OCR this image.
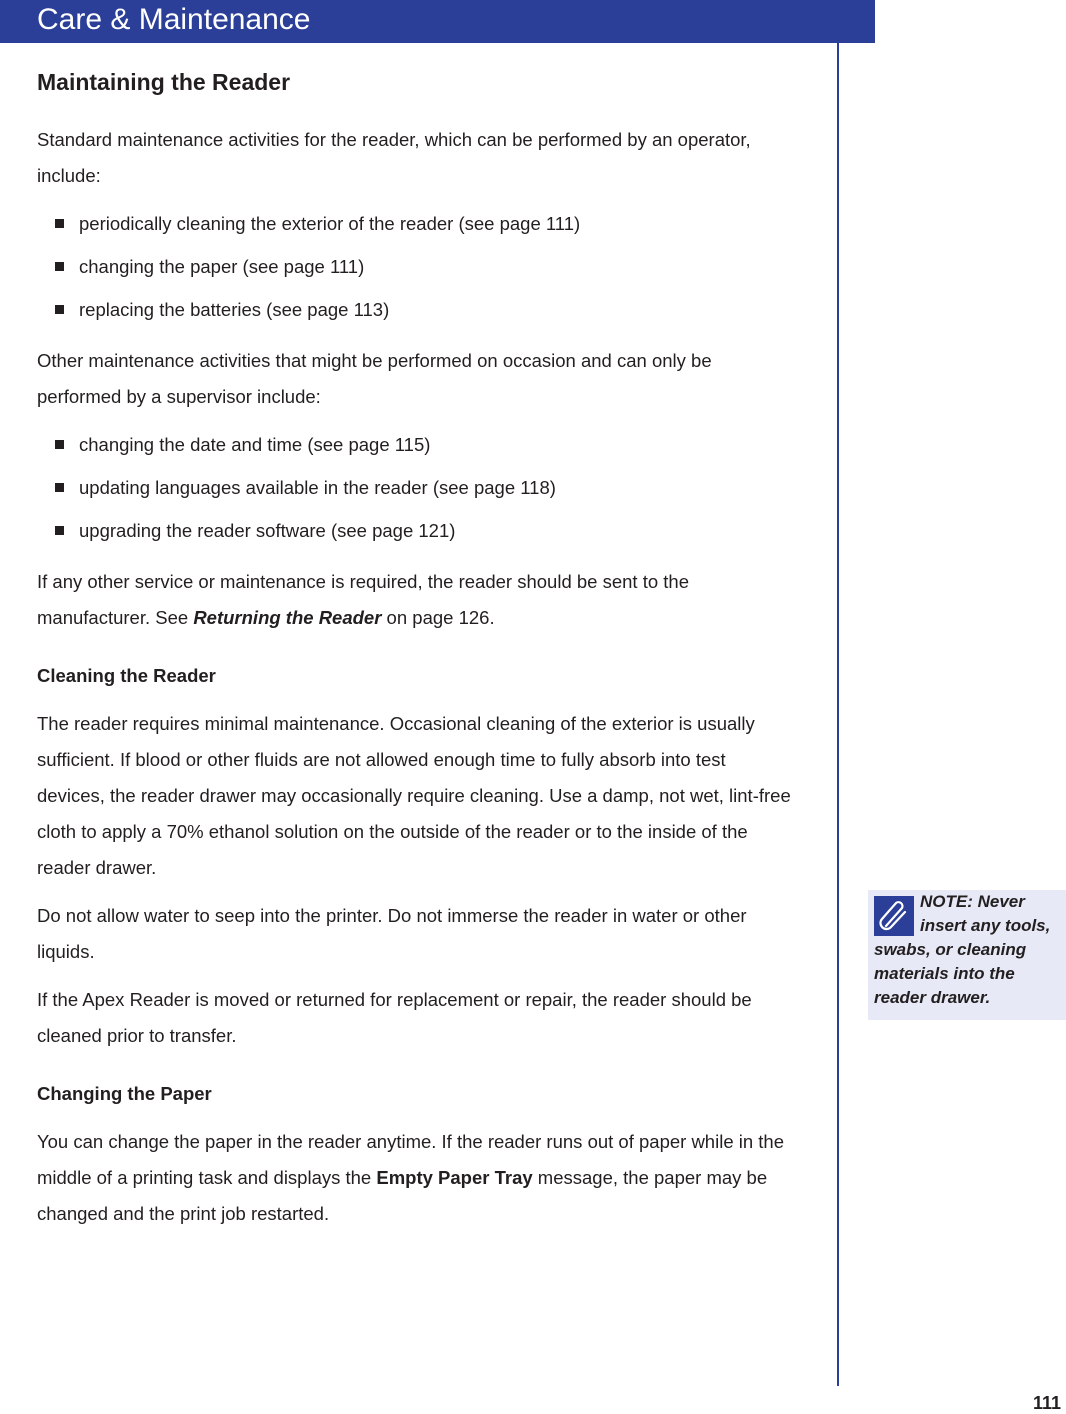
Care & Maintenance
Maintaining the Reader

Standard maintenance activities for the reader, which can be performed by an operator, include:

periodically cleaning the exterior of the reader (see page 111)
changing the paper (see page 111)
replacing the batteries (see page 113)

Other maintenance activities that might be performed on occasion and can only be performed by a supervisor include:

changing the date and time (see page 115)
updating languages available in the reader (see page 118)
upgrading the reader software (see page 121)

If any other service or maintenance is required, the reader should be sent to the manufacturer. See Returning the Reader on page 126.

Cleaning the Reader

The reader requires minimal maintenance. Occasional cleaning of the exterior is usually sufficient. If blood or other fluids are not allowed enough time to fully absorb into test devices, the reader drawer may occasionally require cleaning. Use a damp, not wet, lint-free cloth to apply a 70% ethanol solution on the outside of the reader or to the inside of the reader drawer.

Do not allow water to seep into the printer. Do not immerse the reader in water or other liquids.

If the Apex Reader is moved or returned for replacement or repair, the reader should be cleaned prior to transfer.

Changing the Paper

You can change the paper in the reader anytime. If the reader runs out of paper while in the middle of a printing task and displays the Empty Paper Tray message, the paper may be changed and the print job restarted.

NOTE: Never insert any tools, swabs, or cleaning materials into the reader drawer.
111
